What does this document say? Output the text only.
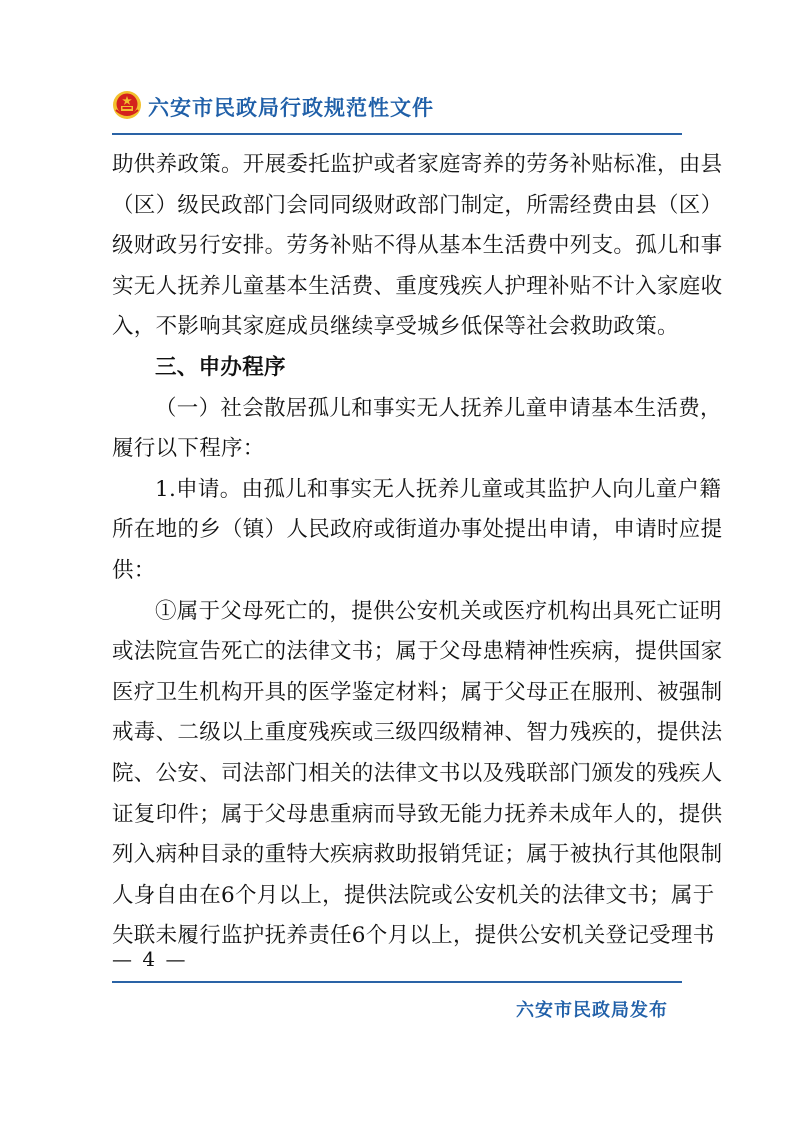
六安市民政局行政规范性文件
助供养政策。开展委托监护或者家庭寄养的劳务补贴标准，由县
（区）级民政部门会同同级财政部门制定，所需经费由县（区）
级财政另行安排。劳务补贴不得从基本生活费中列支。孤儿和事
实无人抚养儿童基本生活费、重度残疾人护理补贴不计入家庭收
入，不影响其家庭成员继续享受城乡低保等社会救助政策。
三、申办程序
（一）社会散居孤儿和事实无人抚养儿童申请基本生活费，
履行以下程序：
1.申请。由孤儿和事实无人抚养儿童或其监护人向儿童户籍
所在地的乡（镇）人民政府或街道办事处提出申请，申请时应提
供：
①属于父母死亡的，提供公安机关或医疗机构出具死亡证明
或法院宣告死亡的法律文书；属于父母患精神性疾病，提供国家
医疗卫生机构开具的医学鉴定材料；属于父母正在服刑、被强制
戒毒、二级以上重度残疾或三级四级精神、智力残疾的，提供法
院、公安、司法部门相关的法律文书以及残联部门颁发的残疾人
证复印件；属于父母患重病而导致无能力抚养未成年人的，提供
列入病种目录的重特大疾病救助报销凭证；属于被执行其他限制
人身自由在6个月以上，提供法院或公安机关的法律文书；属于
失联未履行监护抚养责任6个月以上，提供公安机关登记受理书
— 4 —
六安市民政局发布
